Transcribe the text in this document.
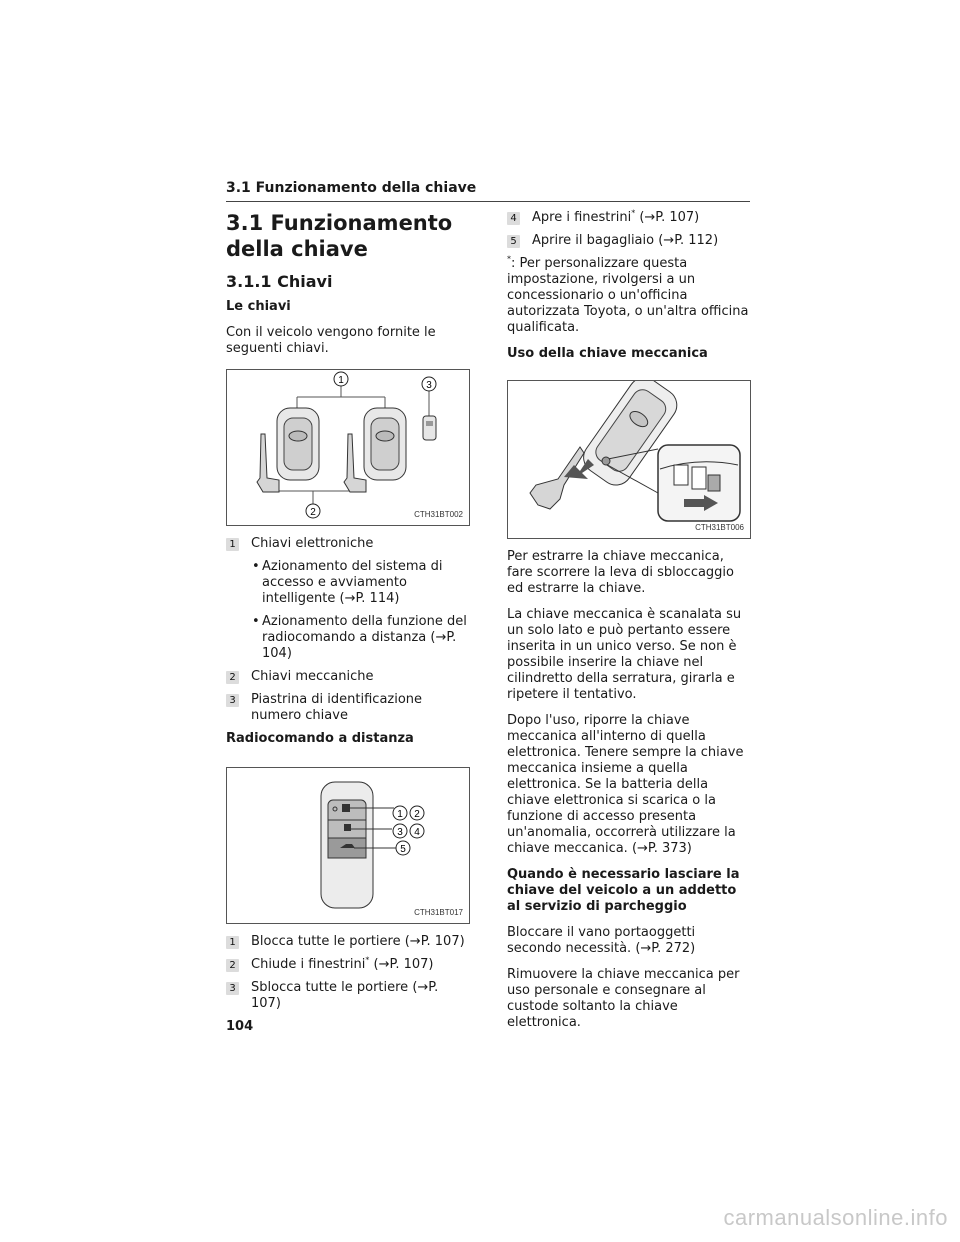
3.1 Funzionamento della chiave
3.1 Funzionamento della chiave
3.1.1 Chiavi

Le chiavi

Con il veicolo vengono fornite le seguenti chiavi.

1	3
2	CTH31BT002
1 Chiavi elettroniche
• Azionamento del sistema di accesso e avviamento intelligente (→P. 114)
• Azionamento della funzione del radiocomando a distanza (→P. 104)
2 Chiavi meccaniche
3 Piastrina di identificazione numero chiave

Radiocomando a distanza

1 2
3 4
5
CTH31BT017
1 Blocca tutte le portiere (→P. 107)
2 Chiude i finestrini* (→P. 107)
3 Sblocca tutte le portiere (→P. 107)
4 Apre i finestrini* (→P. 107)
5 Aprire il bagagliaio (→P. 112)

*: Per personalizzare questa impostazione, rivolgersi a un concessionario o un'officina autorizzata Toyota, o un'altra officina qualificata.

Uso della chiave meccanica

CTH31BT006

Per estrarre la chiave meccanica, fare scorrere la leva di sbloccaggio ed estrarre la chiave.

La chiave meccanica è scanalata su un solo lato e può pertanto essere inserita in un unico verso. Se non è possibile inserire la chiave nel cilindretto della serratura, girarla e ripetere il tentativo.

Dopo l'uso, riporre la chiave meccanica all'interno di quella elettronica. Tenere sempre la chiave meccanica insieme a quella elettronica. Se la batteria della chiave elettronica si scarica o la funzione di accesso presenta un'anomalia, occorrerà utilizzare la chiave meccanica. (→P. 373)

Quando è necessario lasciare la chiave del veicolo a un addetto al servizio di parcheggio

Bloccare il vano portaoggetti secondo necessità. (→P. 272)

Rimuovere la chiave meccanica per uso personale e consegnare al custode soltanto la chiave elettronica.

104
carmanualsonline.info
